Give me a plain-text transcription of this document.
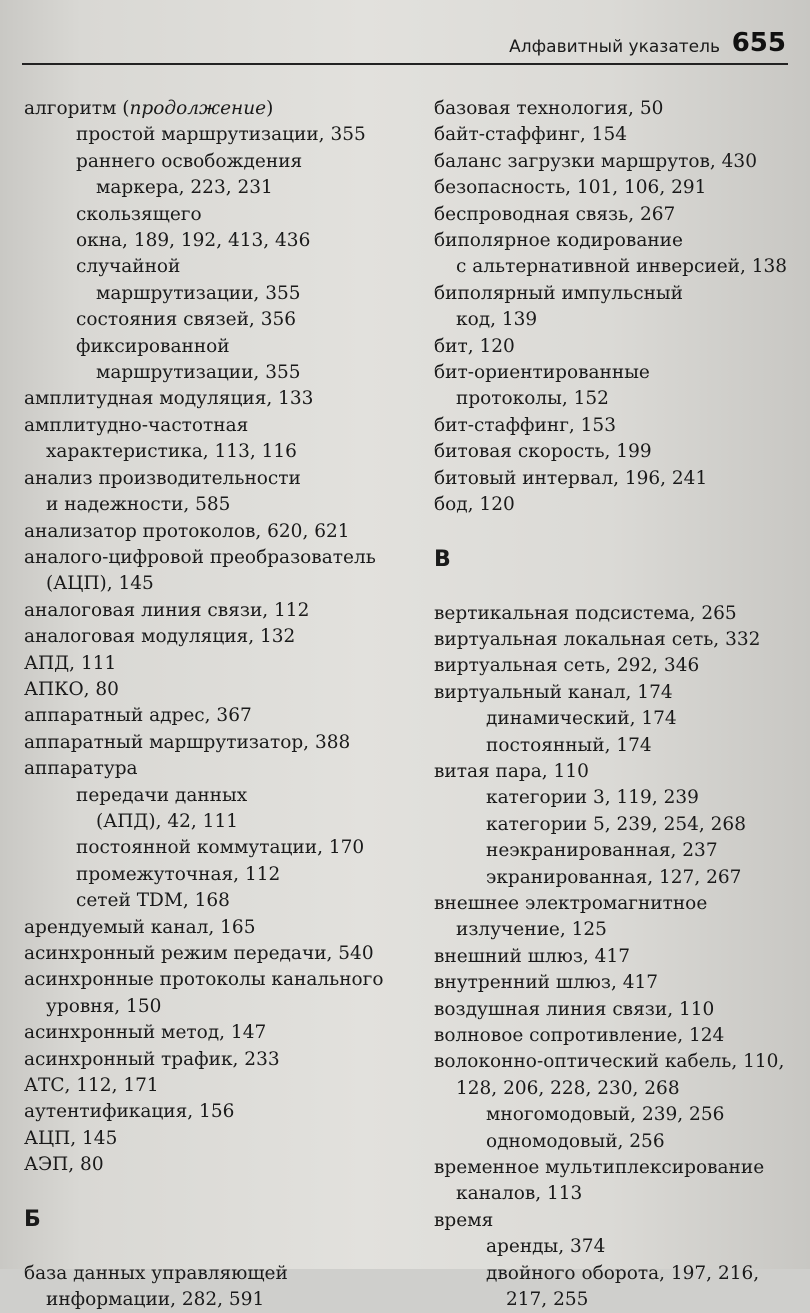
Алфавитный указатель 655
алгоритм (продолжение)
простой маршрутизации, 355
раннего освобождения
маркера, 223, 231
скользящего
окна, 189, 192, 413, 436
случайной
маршрутизации, 355
состояния связей, 356
фиксированной
маршрутизации, 355
амплитудная модуляция, 133
амплитудно-частотная
характеристика, 113, 116
анализ производительности
и надежности, 585
анализатор протоколов, 620, 621
аналого-цифровой преобразователь
(АЦП), 145
аналоговая линия связи, 112
аналоговая модуляция, 132
АПД, 111
АПКО, 80
аппаратный адрес, 367
аппаратный маршрутизатор, 388
аппаратура
передачи данных
(АПД), 42, 111
постоянной коммутации, 170
промежуточная, 112
сетей TDM, 168
арендуемый канал, 165
асинхронный режим передачи, 540
асинхронные протоколы канального
уровня, 150
асинхронный метод, 147
асинхронный трафик, 233
АТС, 112, 171
аутентификация, 156
АЦП, 145
АЭП, 80
Б
база данных управляющей
информации, 282, 591
базовая технология, 50
байт-стаффинг, 154
баланс загрузки маршрутов, 430
безопасность, 101, 106, 291
беспроводная связь, 267
биполярное кодирование
с альтернативной инверсией, 138
биполярный импульсный
код, 139
бит, 120
бит-ориентированные
протоколы, 152
бит-стаффинг, 153
битовая скорость, 199
битовый интервал, 196, 241
бод, 120
В
вертикальная подсистема, 265
виртуальная локальная сеть, 332
виртуальная сеть, 292, 346
виртуальный канал, 174
динамический, 174
постоянный, 174
витая пара, 110
категории 3, 119, 239
категории 5, 239, 254, 268
неэкранированная, 237
экранированная, 127, 267
внешнее электромагнитное
излучение, 125
внешний шлюз, 417
внутренний шлюз, 417
воздушная линия связи, 110
волновое сопротивление, 124
волоконно-оптический кабель, 110,
128, 206, 228, 230, 268
многомодовый, 239, 256
одномодовый, 256
временное мультиплексирование
каналов, 113
время
аренды, 374
двойного оборота, 197, 216,
217, 255
